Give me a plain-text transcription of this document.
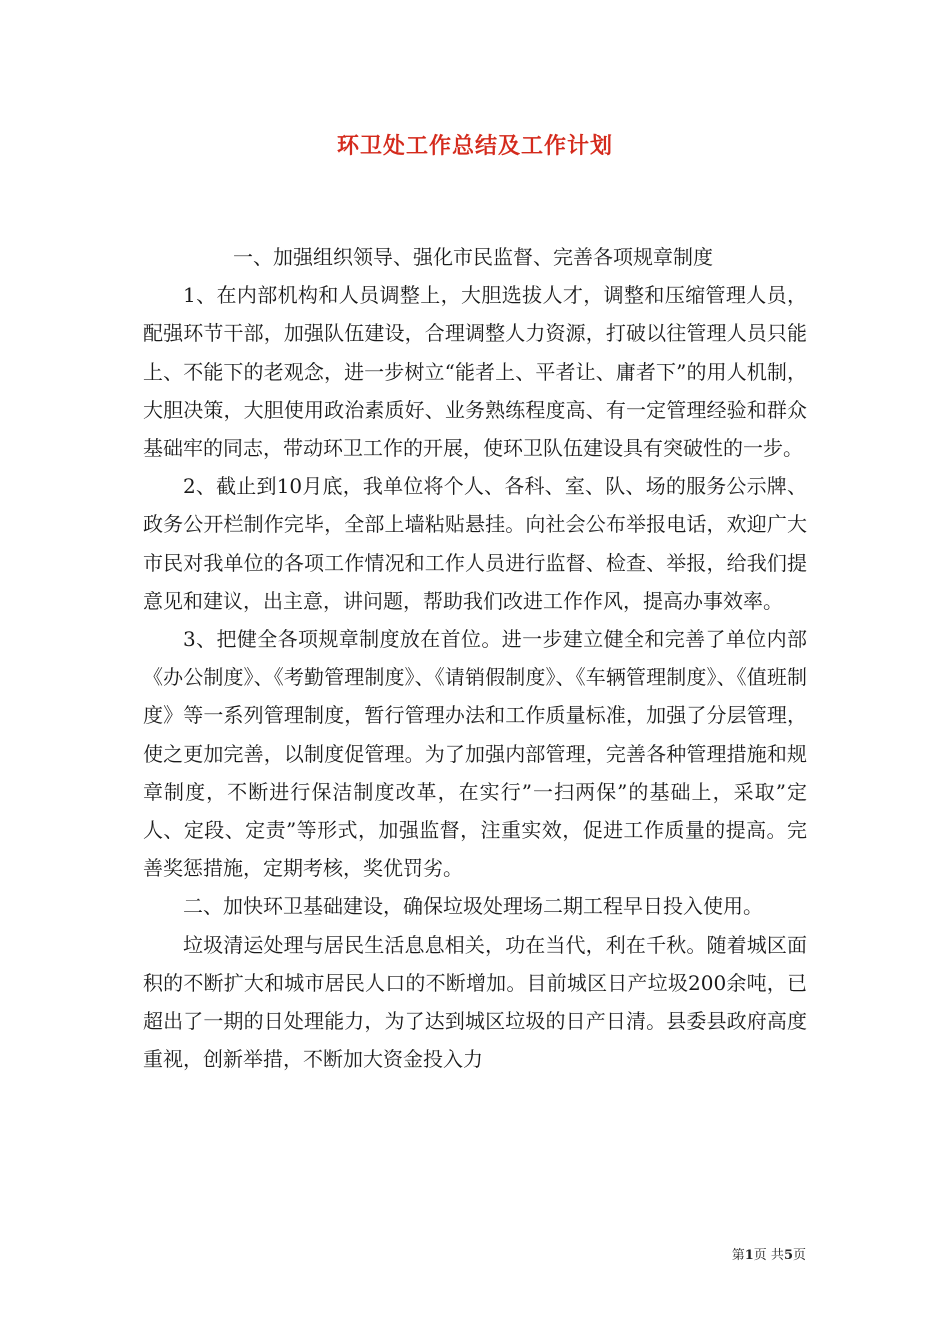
环卫处工作总结及工作计划

一、加强组织领导、强化市民监督、完善各项规章制度

1、在内部机构和人员调整上，大胆选拔人才，调整和压缩管理人员，配强环节干部，加强队伍建设，合理调整人力资源，打破以往管理人员只能上、不能下的老观念，进一步树立“能者上、平者让、庸者下”的用人机制，大胆决策，大胆使用政治素质好、业务熟练程度高、有一定管理经验和群众基础牢的同志，带动环卫工作的开展，使环卫队伍建设具有突破性的一步。

2、截止到10月底，我单位将个人、各科、室、队、场的服务公示牌、政务公开栏制作完毕，全部上墙粘贴悬挂。向社会公布举报电话，欢迎广大市民对我单位的各项工作情况和工作人员进行监督、检查、举报，给我们提意见和建议，出主意，讲问题，帮助我们改进工作作风，提高办事效率。

3、把健全各项规章制度放在首位。进一步建立健全和完善了单位内部《办公制度》、《考勤管理制度》、《请销假制度》、《车辆管理制度》、《值班制度》等一系列管理制度，暂行管理办法和工作质量标准，加强了分层管理，使之更加完善，以制度促管理。为了加强内部管理，完善各种管理措施和规章制度，不断进行保洁制度改革，在实行”一扫两保”的基础上，采取”定人、定段、定责”等形式，加强监督，注重实效，促进工作质量的提高。完善奖惩措施，定期考核，奖优罚劣。

二、加快环卫基础建设，确保垃圾处理场二期工程早日投入使用。

垃圾清运处理与居民生活息息相关，功在当代，利在千秋。随着城区面积的不断扩大和城市居民人口的不断增加。目前城区日产垃圾200余吨，已超出了一期的日处理能力，为了达到城区垃圾的日产日清。县委县政府高度重视，创新举措，不断加大资金投入力

第1页 共5页
